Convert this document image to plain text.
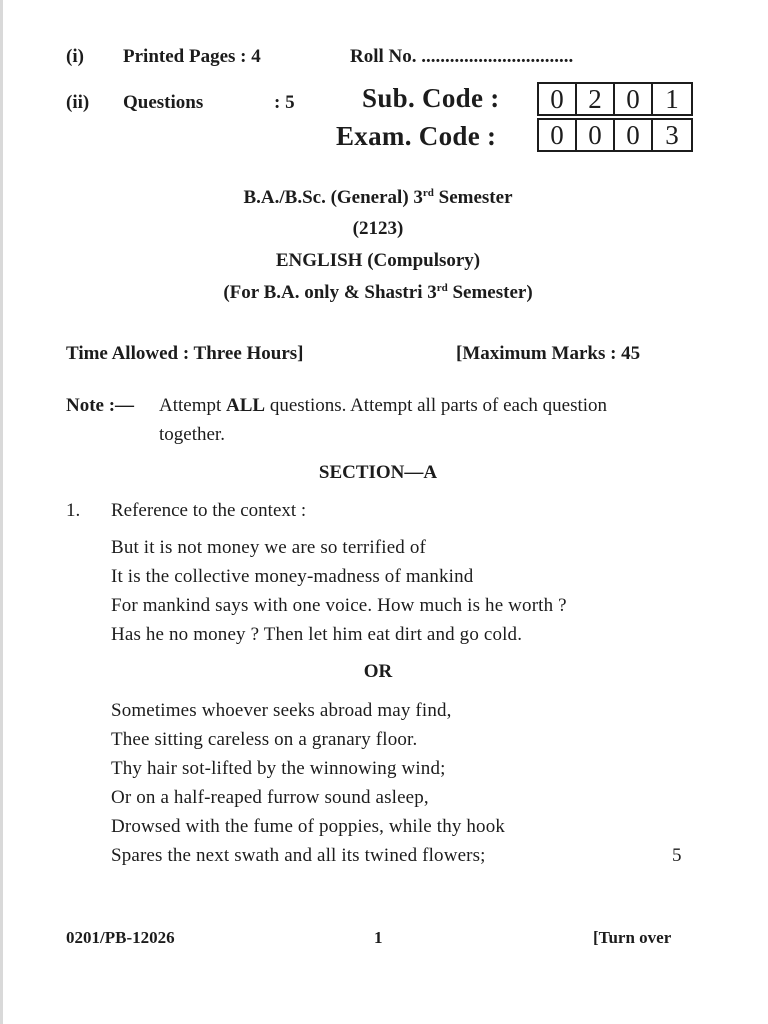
(i) Printed Pages : 4	Roll No. ................................
(ii) Questions	: 5 Sub. Code :	0 2 0 1
Exam. Code :	0 0 0 3
B.A./B.Sc. (General) 3rd Semester
(2123)
ENGLISH (Compulsory)
(For B.A. only & Shastri 3rd Semester)
Time Allowed : Three Hours]	[Maximum Marks : 45
Note :— Attempt ALL questions. Attempt all parts of each question
together.
SECTION—A
1. Reference to the context :
But it is not money we are so terrified of
It is the collective money-madness of mankind
For mankind says with one voice. How much is he worth ?
Has he no money ? Then let him eat dirt and go cold.
OR
Sometimes whoever seeks abroad may find,
Thee sitting careless on a granary floor.
Thy hair sot-lifted by the winnowing wind;
Or on a half-reaped furrow sound asleep,
Drowsed with the fume of poppies, while thy hook
Spares the next swath and all its twined flowers;	5
0201/PB-12026	1	[Turn over
